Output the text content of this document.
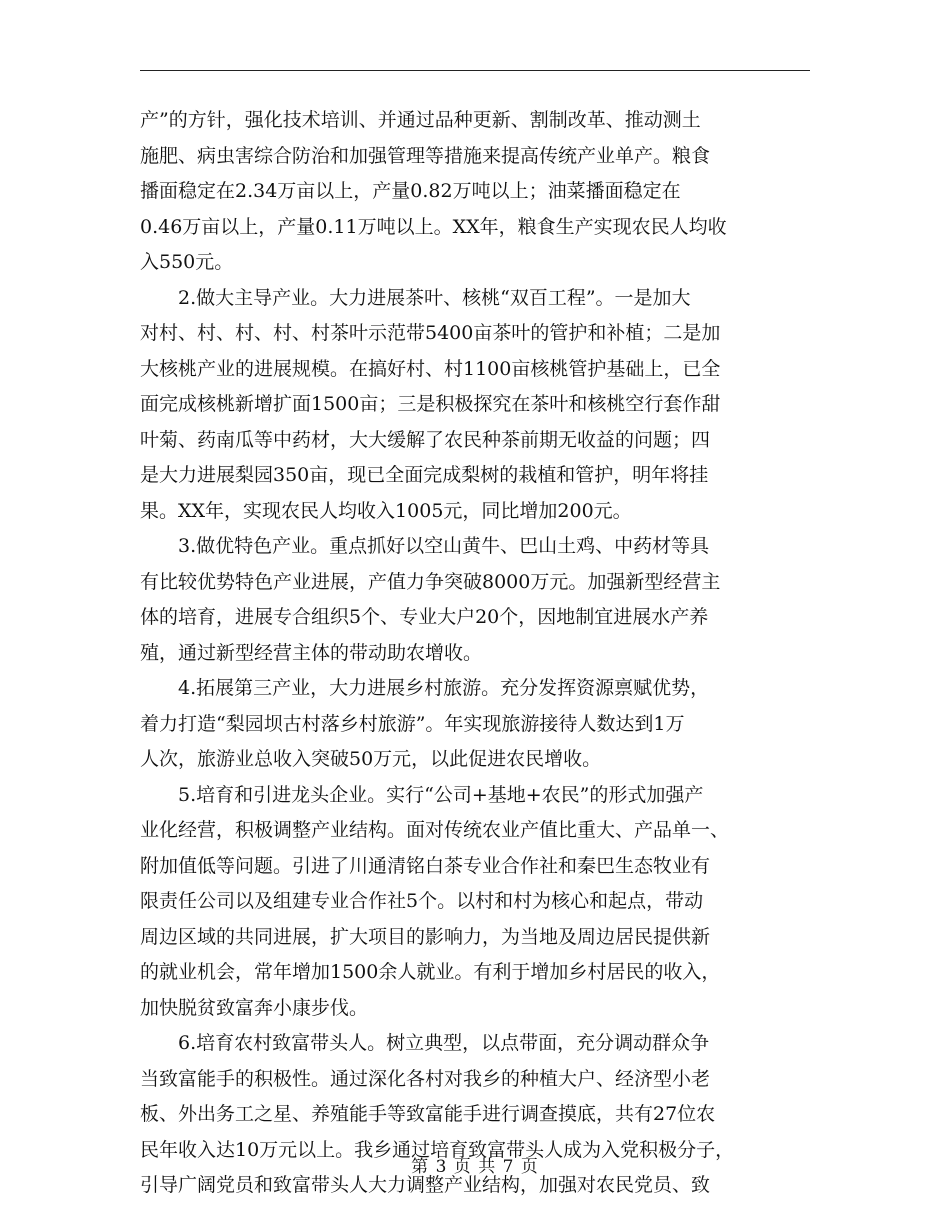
产”的方针，强化技术培训、并通过品种更新、割制改革、推动测土
施肥、病虫害综合防治和加强管理等措施来提高传统产业单产。粮食
播面稳定在2.34万亩以上，产量0.82万吨以上；油菜播面稳定在
0.46万亩以上，产量0.11万吨以上。XX年，粮食生产实现农民人均收
入550元。
2.做大主导产业。大力进展茶叶、核桃“双百工程”。一是加大
对村、村、村、村、村茶叶示范带5400亩茶叶的管护和补植；二是加
大核桃产业的进展规模。在搞好村、村1100亩核桃管护基础上，已全
面完成核桃新增扩面1500亩；三是积极探究在茶叶和核桃空行套作甜
叶菊、药南瓜等中药材，大大缓解了农民种茶前期无收益的问题；四
是大力进展梨园350亩，现已全面完成梨树的栽植和管护，明年将挂
果。XX年，实现农民人均收入1005元，同比增加200元。
3.做优特色产业。重点抓好以空山黄牛、巴山土鸡、中药材等具
有比较优势特色产业进展，产值力争突破8000万元。加强新型经营主
体的培育，进展专合组织5个、专业大户20个，因地制宜进展水产养
殖，通过新型经营主体的带动助农增收。
4.拓展第三产业，大力进展乡村旅游。充分发挥资源禀赋优势，
着力打造“梨园坝古村落乡村旅游”。年实现旅游接待人数达到1万
人次，旅游业总收入突破50万元，以此促进农民增收。
5.培育和引进龙头企业。实行“公司+基地+农民”的形式加强产
业化经营，积极调整产业结构。面对传统农业产值比重大、产品单一、
附加值低等问题。引进了川通清铭白茶专业合作社和秦巴生态牧业有
限责任公司以及组建专业合作社5个。以村和村为核心和起点，带动
周边区域的共同进展，扩大项目的影响力，为当地及周边居民提供新
的就业机会，常年增加1500余人就业。有利于增加乡村居民的收入，
加快脱贫致富奔小康步伐。
6.培育农村致富带头人。树立典型，以点带面，充分调动群众争
当致富能手的积极性。通过深化各村对我乡的种植大户、经济型小老
板、外出务工之星、养殖能手等致富能手进行调查摸底，共有27位农
民年收入达10万元以上。我乡通过培育致富带头人成为入党积极分子，
引导广阔党员和致富带头人大力调整产业结构，加强对农民党员、致
第 3 页 共 7 页
